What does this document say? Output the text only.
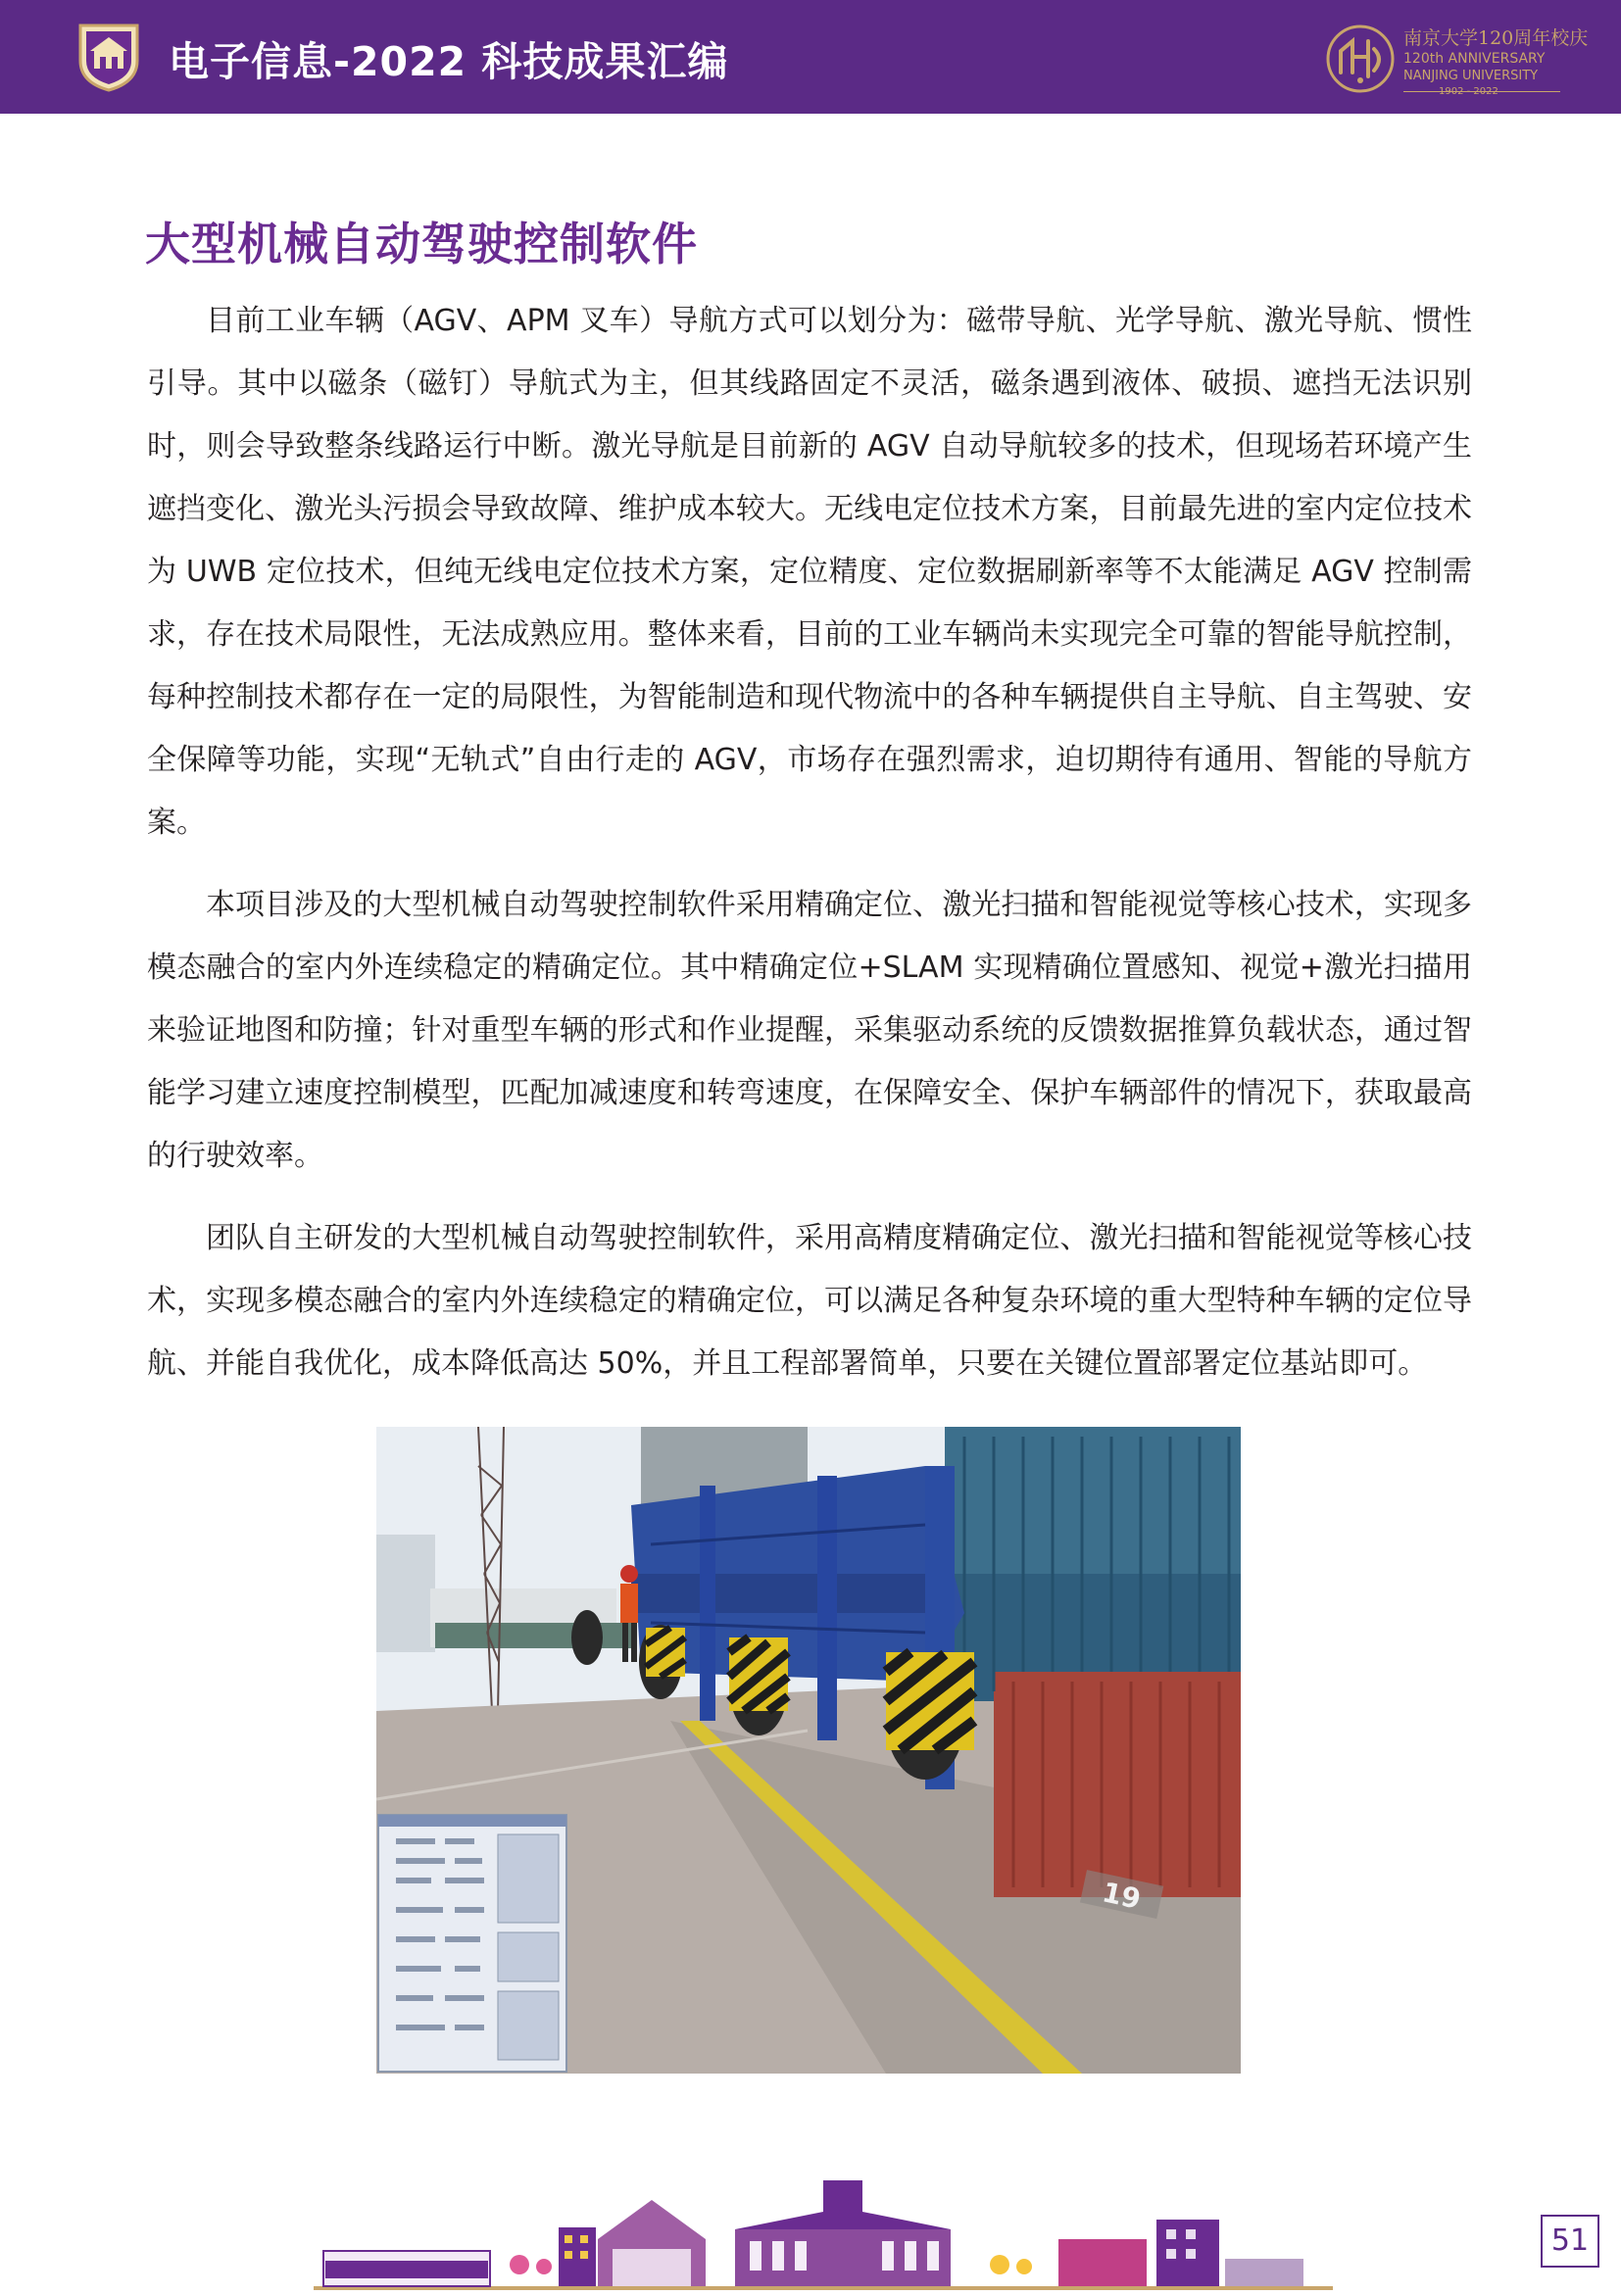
电子信息-2022 科技成果汇编	南京大学120周年校庆
120th ANNIVERSARY
NANJING UNIVERSITY
1902 - 2022
大型机械自动驾驶控制软件

目前工业车辆（AGV、APM 叉车）导航方式可以划分为：磁带导航、光学导航、激光导航、惯性引导。其中以磁条（磁钉）导航式为主，但其线路固定不灵活，磁条遇到液体、破损、遮挡无法识别时，则会导致整条线路运行中断。激光导航是目前新的 AGV 自动导航较多的技术，但现场若环境产生遮挡变化、激光头污损会导致故障、维护成本较大。无线电定位技术方案，目前最先进的室内定位技术为 UWB 定位技术，但纯无线电定位技术方案，定位精度、定位数据刷新率等不太能满足 AGV 控制需求，存在技术局限性，无法成熟应用。整体来看，目前的工业车辆尚未实现完全可靠的智能导航控制，每种控制技术都存在一定的局限性，为智能制造和现代物流中的各种车辆提供自主导航、自主驾驶、安全保障等功能，实现“无轨式”自由行走的 AGV，市场存在强烈需求，迫切期待有通用、智能的导航方案。

本项目涉及的大型机械自动驾驶控制软件采用精确定位、激光扫描和智能视觉等核心技术，实现多模态融合的室内外连续稳定的精确定位。其中精确定位+SLAM 实现精确位置感知、视觉+激光扫描用来验证地图和防撞；针对重型车辆的形式和作业提醒，采集驱动系统的反馈数据推算负载状态，通过智能学习建立速度控制模型，匹配加减速度和转弯速度，在保障安全、保护车辆部件的情况下，获取最高的行驶效率。

团队自主研发的大型机械自动驾驶控制软件，采用高精度精确定位、激光扫描和智能视觉等核心技术，实现多模态融合的室内外连续稳定的精确定位，可以满足各种复杂环境的重大型特种车辆的定位导航、并能自我优化，成本降低高达 50%，并且工程部署简单，只要在关键位置部署定位基站即可。

19
51
